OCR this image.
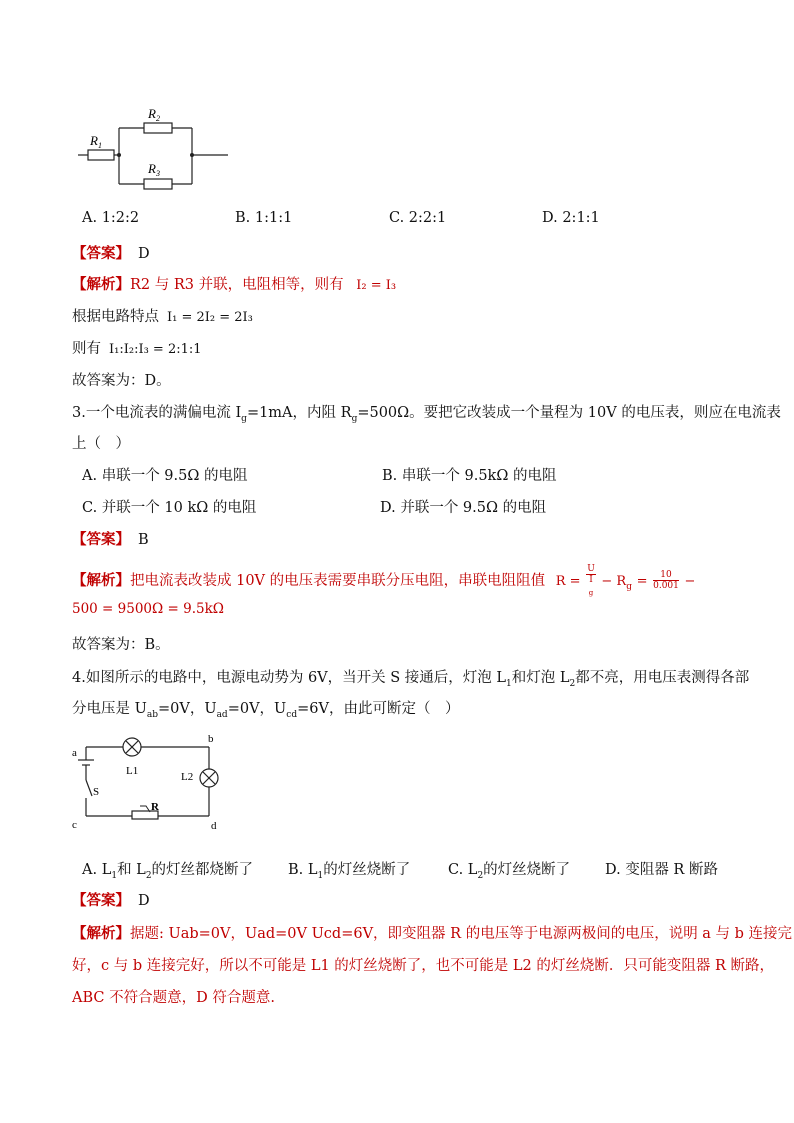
$R_1$
$R_2$
$R_3$
A. 1:2:2	B. 1:1:1	C. 2:2:1	D. 2:1:1
【答案】 D
【解析】R2 与 R3 并联，电阻相等，则有 I₂ = I₃
根据电路特点 I₁ = 2I₂ = 2I₃
则有 I₁:I₂:I₃ = 2:1:1
故答案为：D。
3.一个电流表的满偏电流 $I_g=1mA$，内阻 $R_g=500\Omega$。要把它改装成一个量程为 10V 的电压表，则应在电流表
上（　）
A. 串联一个 9.5Ω 的电阻	B. 串联一个 9.5kΩ 的电阻
C. 并联一个 10 kΩ 的电阻	D. 并联一个 9.5Ω 的电阻
【答案】 B
【解析】把电流表改装成 10V 的电压表需要串联分压电阻，串联电阻阻值 R = U
I
$_g - R_g = \frac{10}{0.001}$ −
500 = 9500Ω = 9.5kΩ
故答案为：B。
4.如图所示的电路中，电源电动势为 6V，当开关 S 接通后，灯泡 $L_1$和灯泡 $L_2$都不亮，用电压表测得各部
分电压是 $U_{ab}=0V$，$U_{ad}=0V$，$U_{cd}=6V$，由此可断定（　）
a
b
c	d
L1	L2
S
R
A. $L_1$和 $L_2$的灯丝都烧断了 B. $L_1$的灯丝烧断了	C. $L_2$的灯丝烧断了 D. 变阻器 R 断路
【答案】 D
【解析】据题: Uab=0V，Uad=0V Ucd=6V，即变阻器 R 的电压等于电源两极间的电压，说明 a 与 b 连接完
好，c 与 b 连接完好，所以不可能是 L1 的灯丝烧断了，也不可能是 L2 的灯丝烧断．只可能变阻器 R 断路，
ABC 不符合题意，D 符合题意.
